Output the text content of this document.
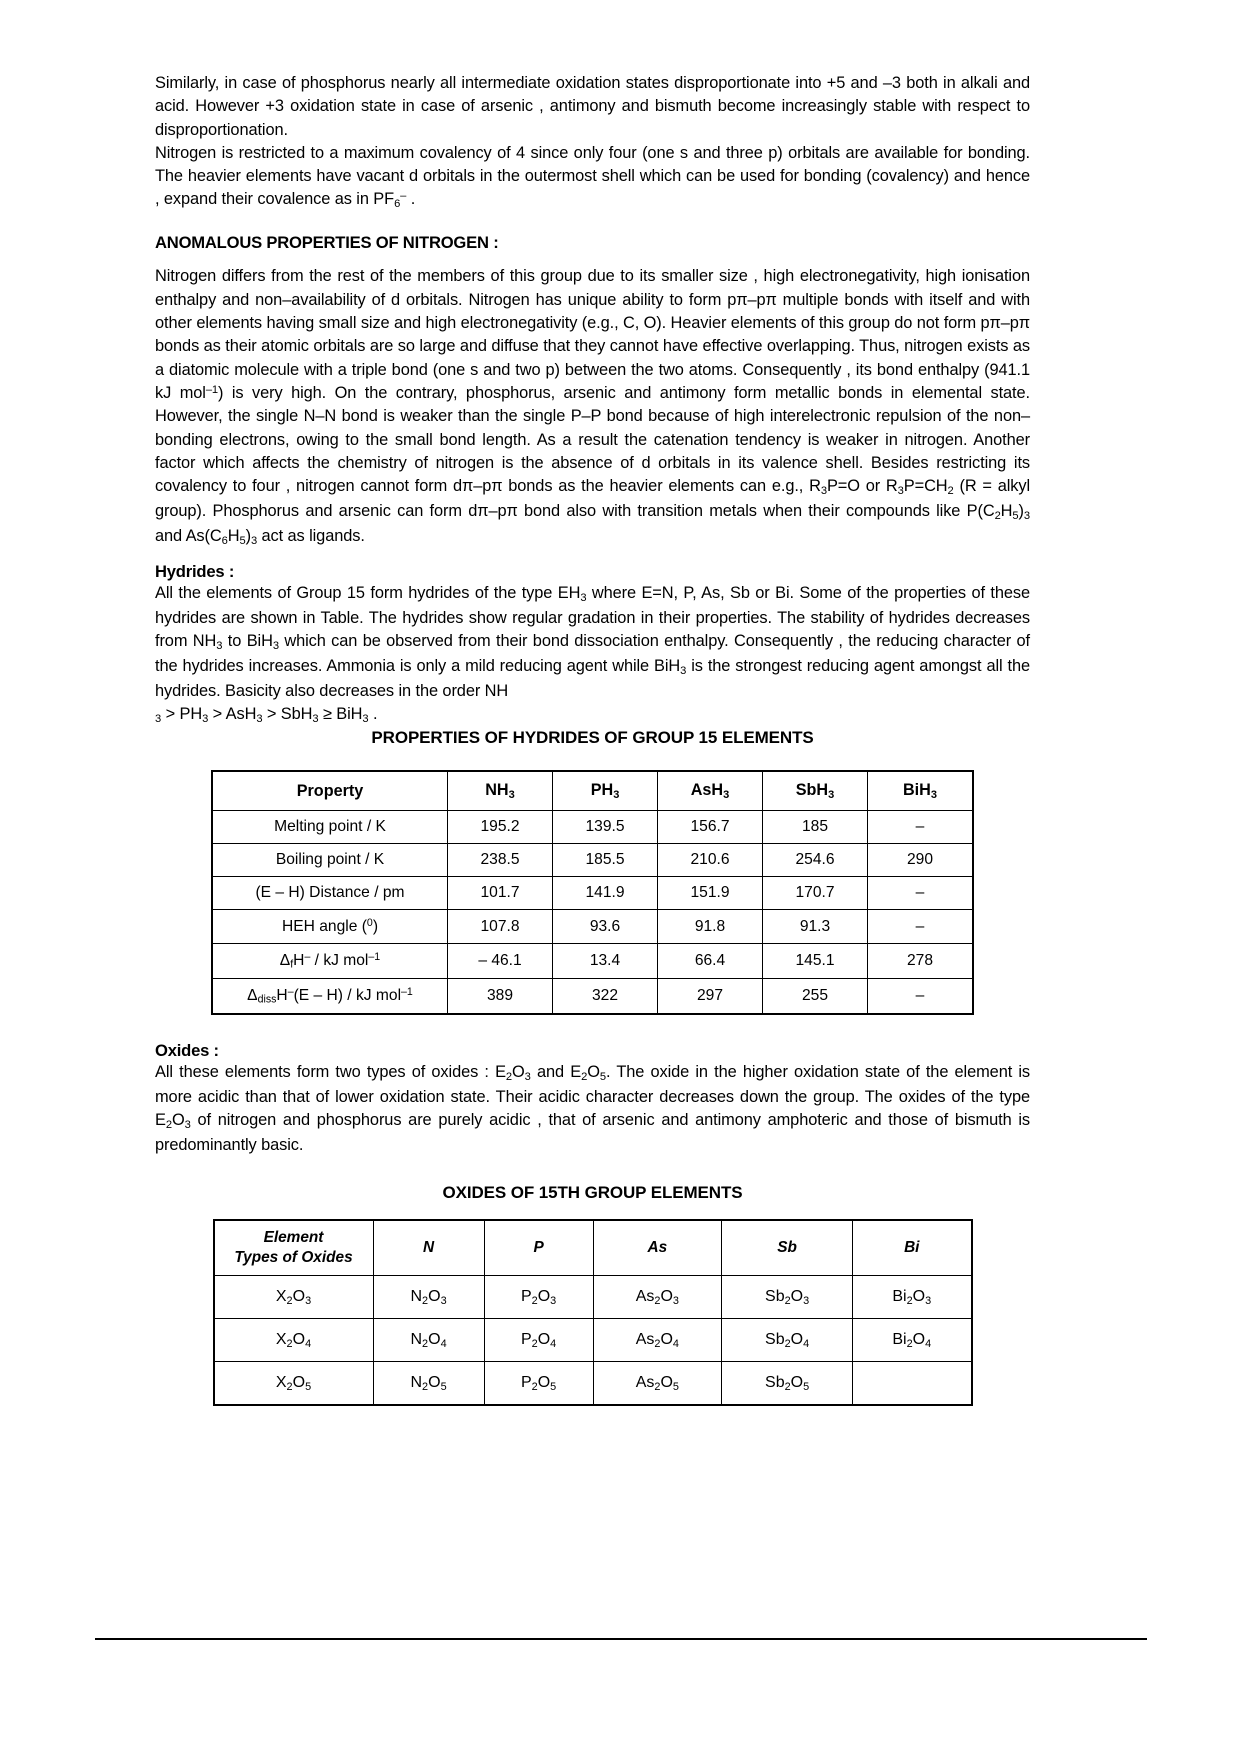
Similarly, in case of phosphorus nearly all intermediate oxidation states disproportionate into +5 and –3 both in alkali and acid. However +3 oxidation state in case of arsenic , antimony and bismuth become increasingly stable with respect to disproportionation.

Nitrogen is restricted to a maximum covalency of 4 since only four (one s and three p) orbitals are available for bonding. The heavier elements have vacant d orbitals in the outermost shell which can be used for bonding (covalency) and hence , expand their covalence as in $PF_6^-$ .

ANOMALOUS PROPERTIES OF NITROGEN :

Nitrogen differs from the rest of the members of this group due to its smaller size , high electronegativity, high ionisation enthalpy and non–availability of d orbitals. Nitrogen has unique ability to form pπ–pπ multiple bonds with itself and with other elements having small size and high electronegativity (e.g., C, O). Heavier elements of this group do not form pπ–pπ bonds as their atomic orbitals are so large and diffuse that they cannot have effective overlapping. Thus, nitrogen exists as a diatomic molecule with a triple bond (one s and two p) between the two atoms. Consequently , its bond enthalpy (941.1 kJ mol$^{-1}$) is very high. On the contrary, phosphorus, arsenic and antimony form metallic bonds in elemental state. However, the single N–N bond is weaker than the single P–P bond because of high interelectronic repulsion of the non–bonding electrons, owing to the small bond length. As a result the catenation tendency is weaker in nitrogen. Another factor which affects the chemistry of nitrogen is the absence of d orbitals in its valence shell. Besides restricting its covalency to four , nitrogen cannot form dπ–pπ bonds as the heavier elements can e.g., $R_3P=O$ or $R_3P=CH_2$ (R = alkyl group). Phosphorus and arsenic can form dπ–pπ bond also with transition metals when their compounds like $P(C_2H_5)_3$ and $As(C_6H_5)_3$ act as ligands.

Hydrides :

All the elements of Group 15 form hydrides of the type $EH_3$ where E=N, P, As, Sb or Bi. Some of the properties of these hydrides are shown in Table. The hydrides show regular gradation in their properties. The stability of hydrides decreases from $NH_3$ to BiH$_3$ which can be observed from their bond dissociation enthalpy. Consequently , the reducing character of the hydrides increases. Ammonia is only a mild reducing agent while BiH$_3$ is the strongest reducing agent amongst all the hydrides. Basicity also decreases in the order NH

$_3 > PH_3 > AsH_3 > SbH_3 \ge BiH_3$ .

PROPERTIES OF HYDRIDES OF GROUP 15 ELEMENTS

Property	$NH_3$	$PH_3$	AsH$_3$	SbH$_3$	BiH$_3$
Melting point / K	195.2	139.5	156.7	185	–
Boiling point / K	238.5	185.5	210.6	254.6	290
(E – H) Distance / pm	101.7	141.9	151.9	170.7	–
HEH angle ($^0$)	107.8	93.6	91.8	91.3	–
$\Delta_fH^-$ / kJ mol$^{-1}$	– 46.1	13.4	66.4	145.1	278
$\Delta_{diss}H^-(E - H)$ / kJ mol$^{-1}$	389	322	297	255	–

Oxides :

All these elements form two types of oxides : $E_2O_3$ and $E_2O_5$. The oxide in the higher oxidation state of the element is more acidic than that of lower oxidation state. Their acidic character decreases down the group. The oxides of the type $E_2O_3$ of nitrogen and phosphorus are purely acidic , that of arsenic and antimony amphoteric and those of bismuth is predominantly basic.

OXIDES OF 15TH GROUP ELEMENTS

Element
Types of Oxides	N	P	As	Sb	Bi
$X_2O_3$	$N_2O_3$	$P_2O_3$	$As_2O_3$	$Sb_2O_3$	$Bi_2O_3$
$X_2O_4$	$N_2O_4$	$P_2O_4$	$As_2O_4$	$Sb_2O_4$	$Bi_2O_4$
$X_2O_5$	$N_2O_5$	$P_2O_5$	$As_2O_5$	$Sb_2O_5$	
